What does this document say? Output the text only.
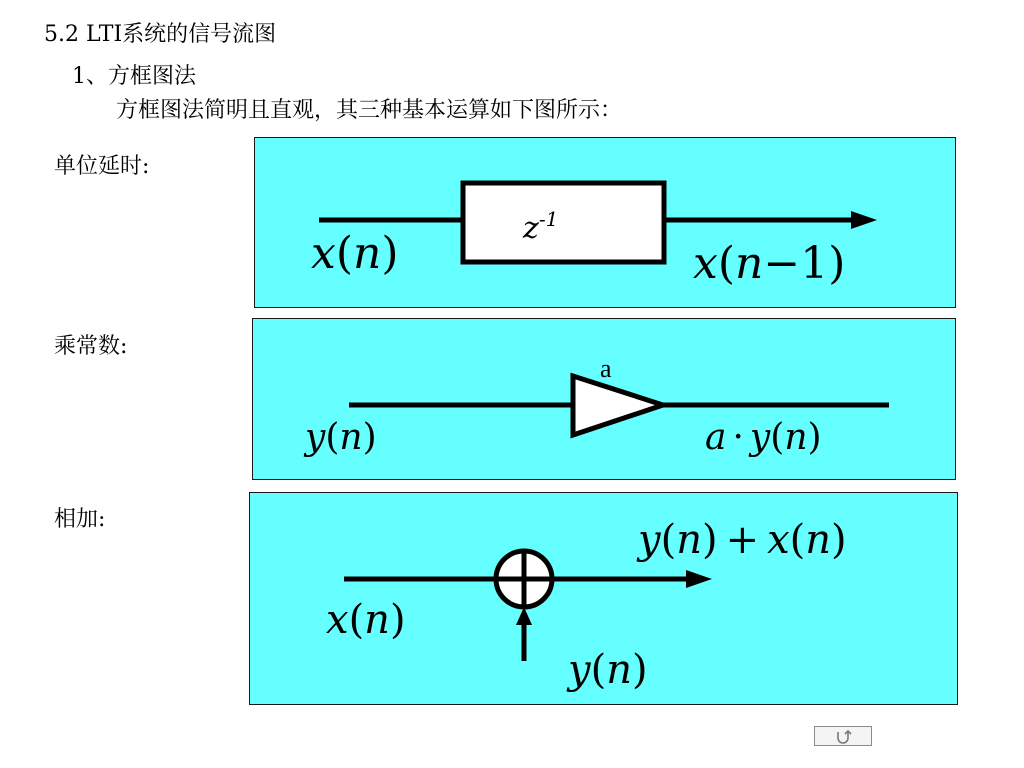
5.2 LTI系统的信号流图
1、方框图法
方框图法简明且直观，其三种基本运算如下图所示：
单位延时:
$z^{-1}$
x(n)	x(n−1)
乘常数:
a
y(n)	a · y(n)
相加:
x(n)
y(n)
y(n) + x(n)
